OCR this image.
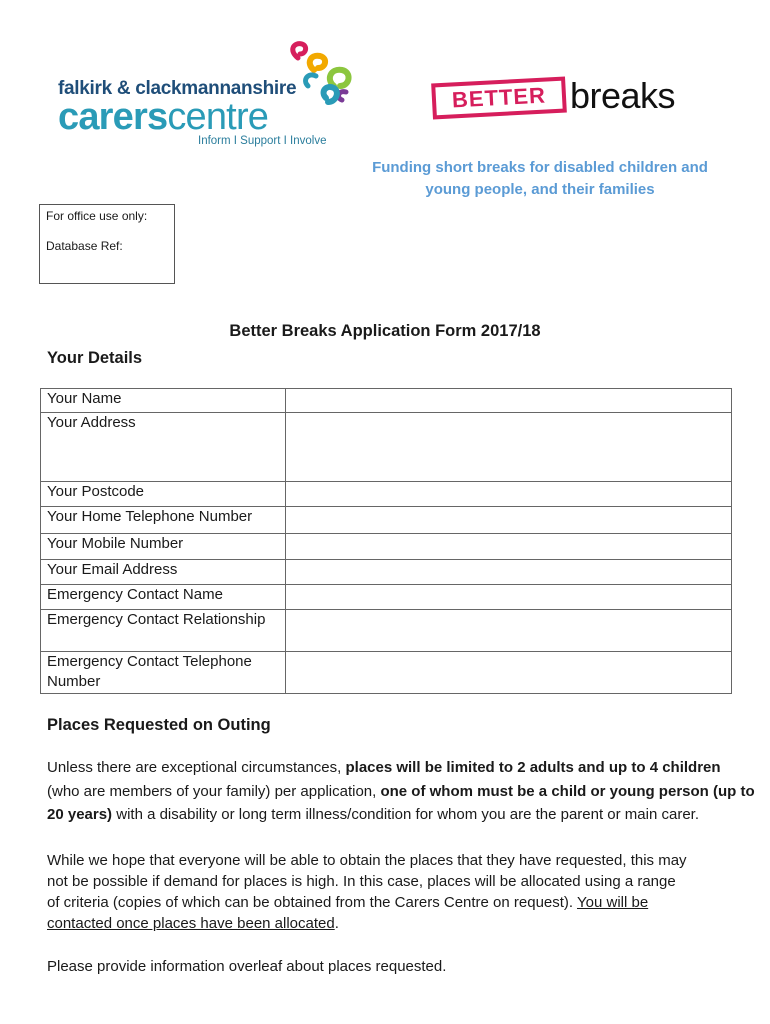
falkirk & clackmannanshire
carerscentre
Inform I Support I Involve
BETTER breaks
Funding short breaks for disabled children and young people, and their families
For office use only:
Database Ref:
Better Breaks Application Form 2017/18
Your Details
Your Name	
Your Address	
Your Postcode	
Your Home Telephone Number	
Your Mobile Number	
Your Email Address	
Emergency Contact Name	
Emergency Contact Relationship	
Emergency Contact Telephone Number	
Places Requested on Outing
Unless there are exceptional circumstances, places will be limited to 2 adults and up to 4 children (who are members of your family) per application, one of whom must be a child or young person (up to 20 years) with a disability or long term illness/condition for whom you are the parent or main carer.
While we hope that everyone will be able to obtain the places that they have requested, this may not be possible if demand for places is high. In this case, places will be allocated using a range of criteria (copies of which can be obtained from the Carers Centre on request). You will be contacted once places have been allocated.
Please provide information overleaf about places requested.
